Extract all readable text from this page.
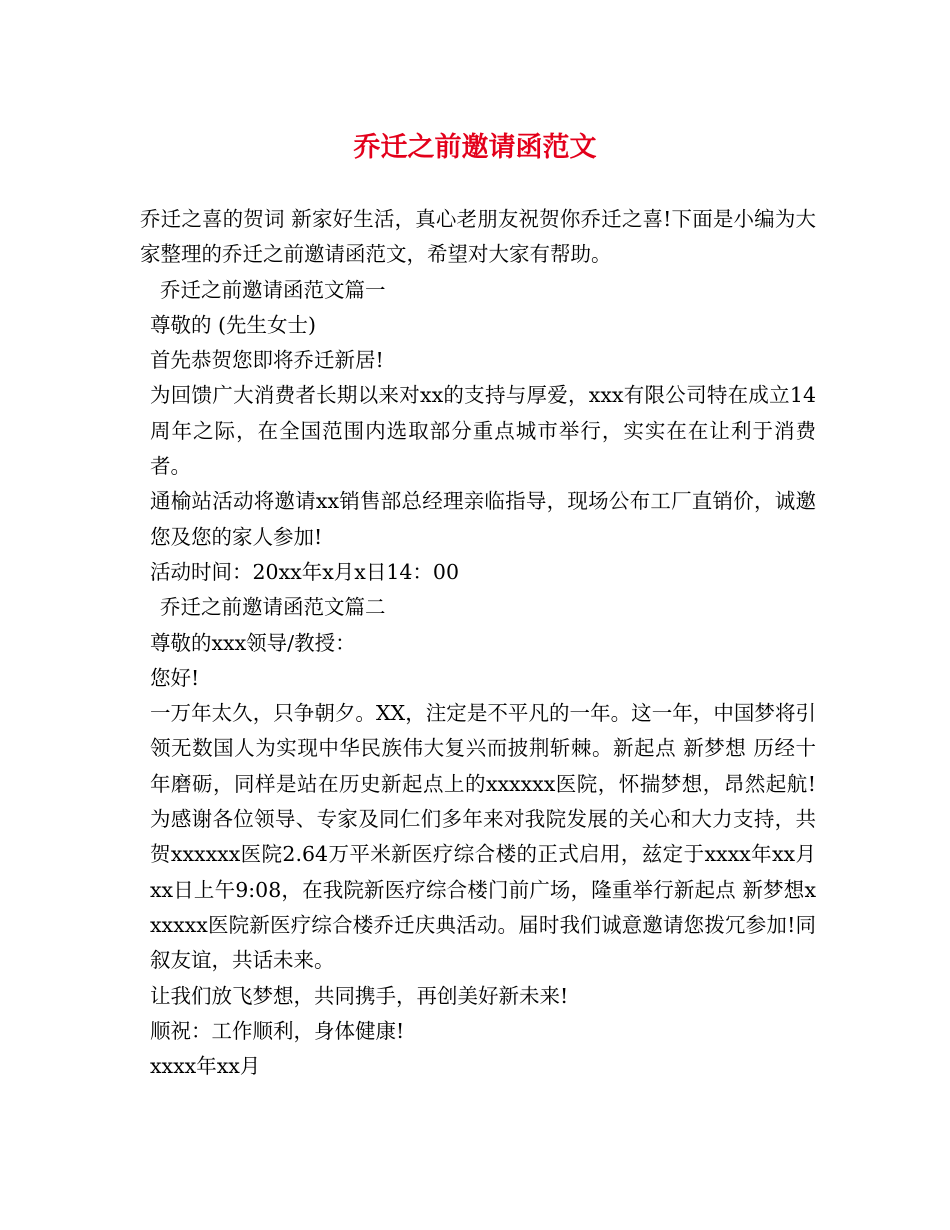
乔迁之前邀请函范文

乔迁之喜的贺词 新家好生活，真心老朋友祝贺你乔迁之喜!下面是小编为大家整理的乔迁之前邀请函范文，希望对大家有帮助。

乔迁之前邀请函范文篇一

尊敬的 (先生女士)

首先恭贺您即将乔迁新居!

为回馈广大消费者长期以来对xx的支持与厚爱，xxx有限公司特在成立14周年之际，在全国范围内选取部分重点城市举行，实实在在让利于消费者。

通榆站活动将邀请xx销售部总经理亲临指导，现场公布工厂直销价，诚邀您及您的家人参加!

活动时间：20xx年x月x日14：00

乔迁之前邀请函范文篇二

尊敬的xxx领导/教授：

您好!

一万年太久，只争朝夕。XX，注定是不平凡的一年。这一年，中国梦将引领无数国人为实现中华民族伟大复兴而披荆斩棘。新起点 新梦想 历经十年磨砺，同样是站在历史新起点上的xxxxxx医院，怀揣梦想，昂然起航! 为感谢各位领导、专家及同仁们多年来对我院发展的关心和大力支持，共贺xxxxxx医院2.64万平米新医疗综合楼的正式启用，兹定于xxxx年xx月xx日上午9:08，在我院新医疗综合楼门前广场，隆重举行新起点 新梦想xxxxxx医院新医疗综合楼乔迁庆典活动。届时我们诚意邀请您拨冗参加!同叙友谊，共话未来。

让我们放飞梦想，共同携手，再创美好新未来!

顺祝：工作顺利，身体健康!

xxxx年xx月
